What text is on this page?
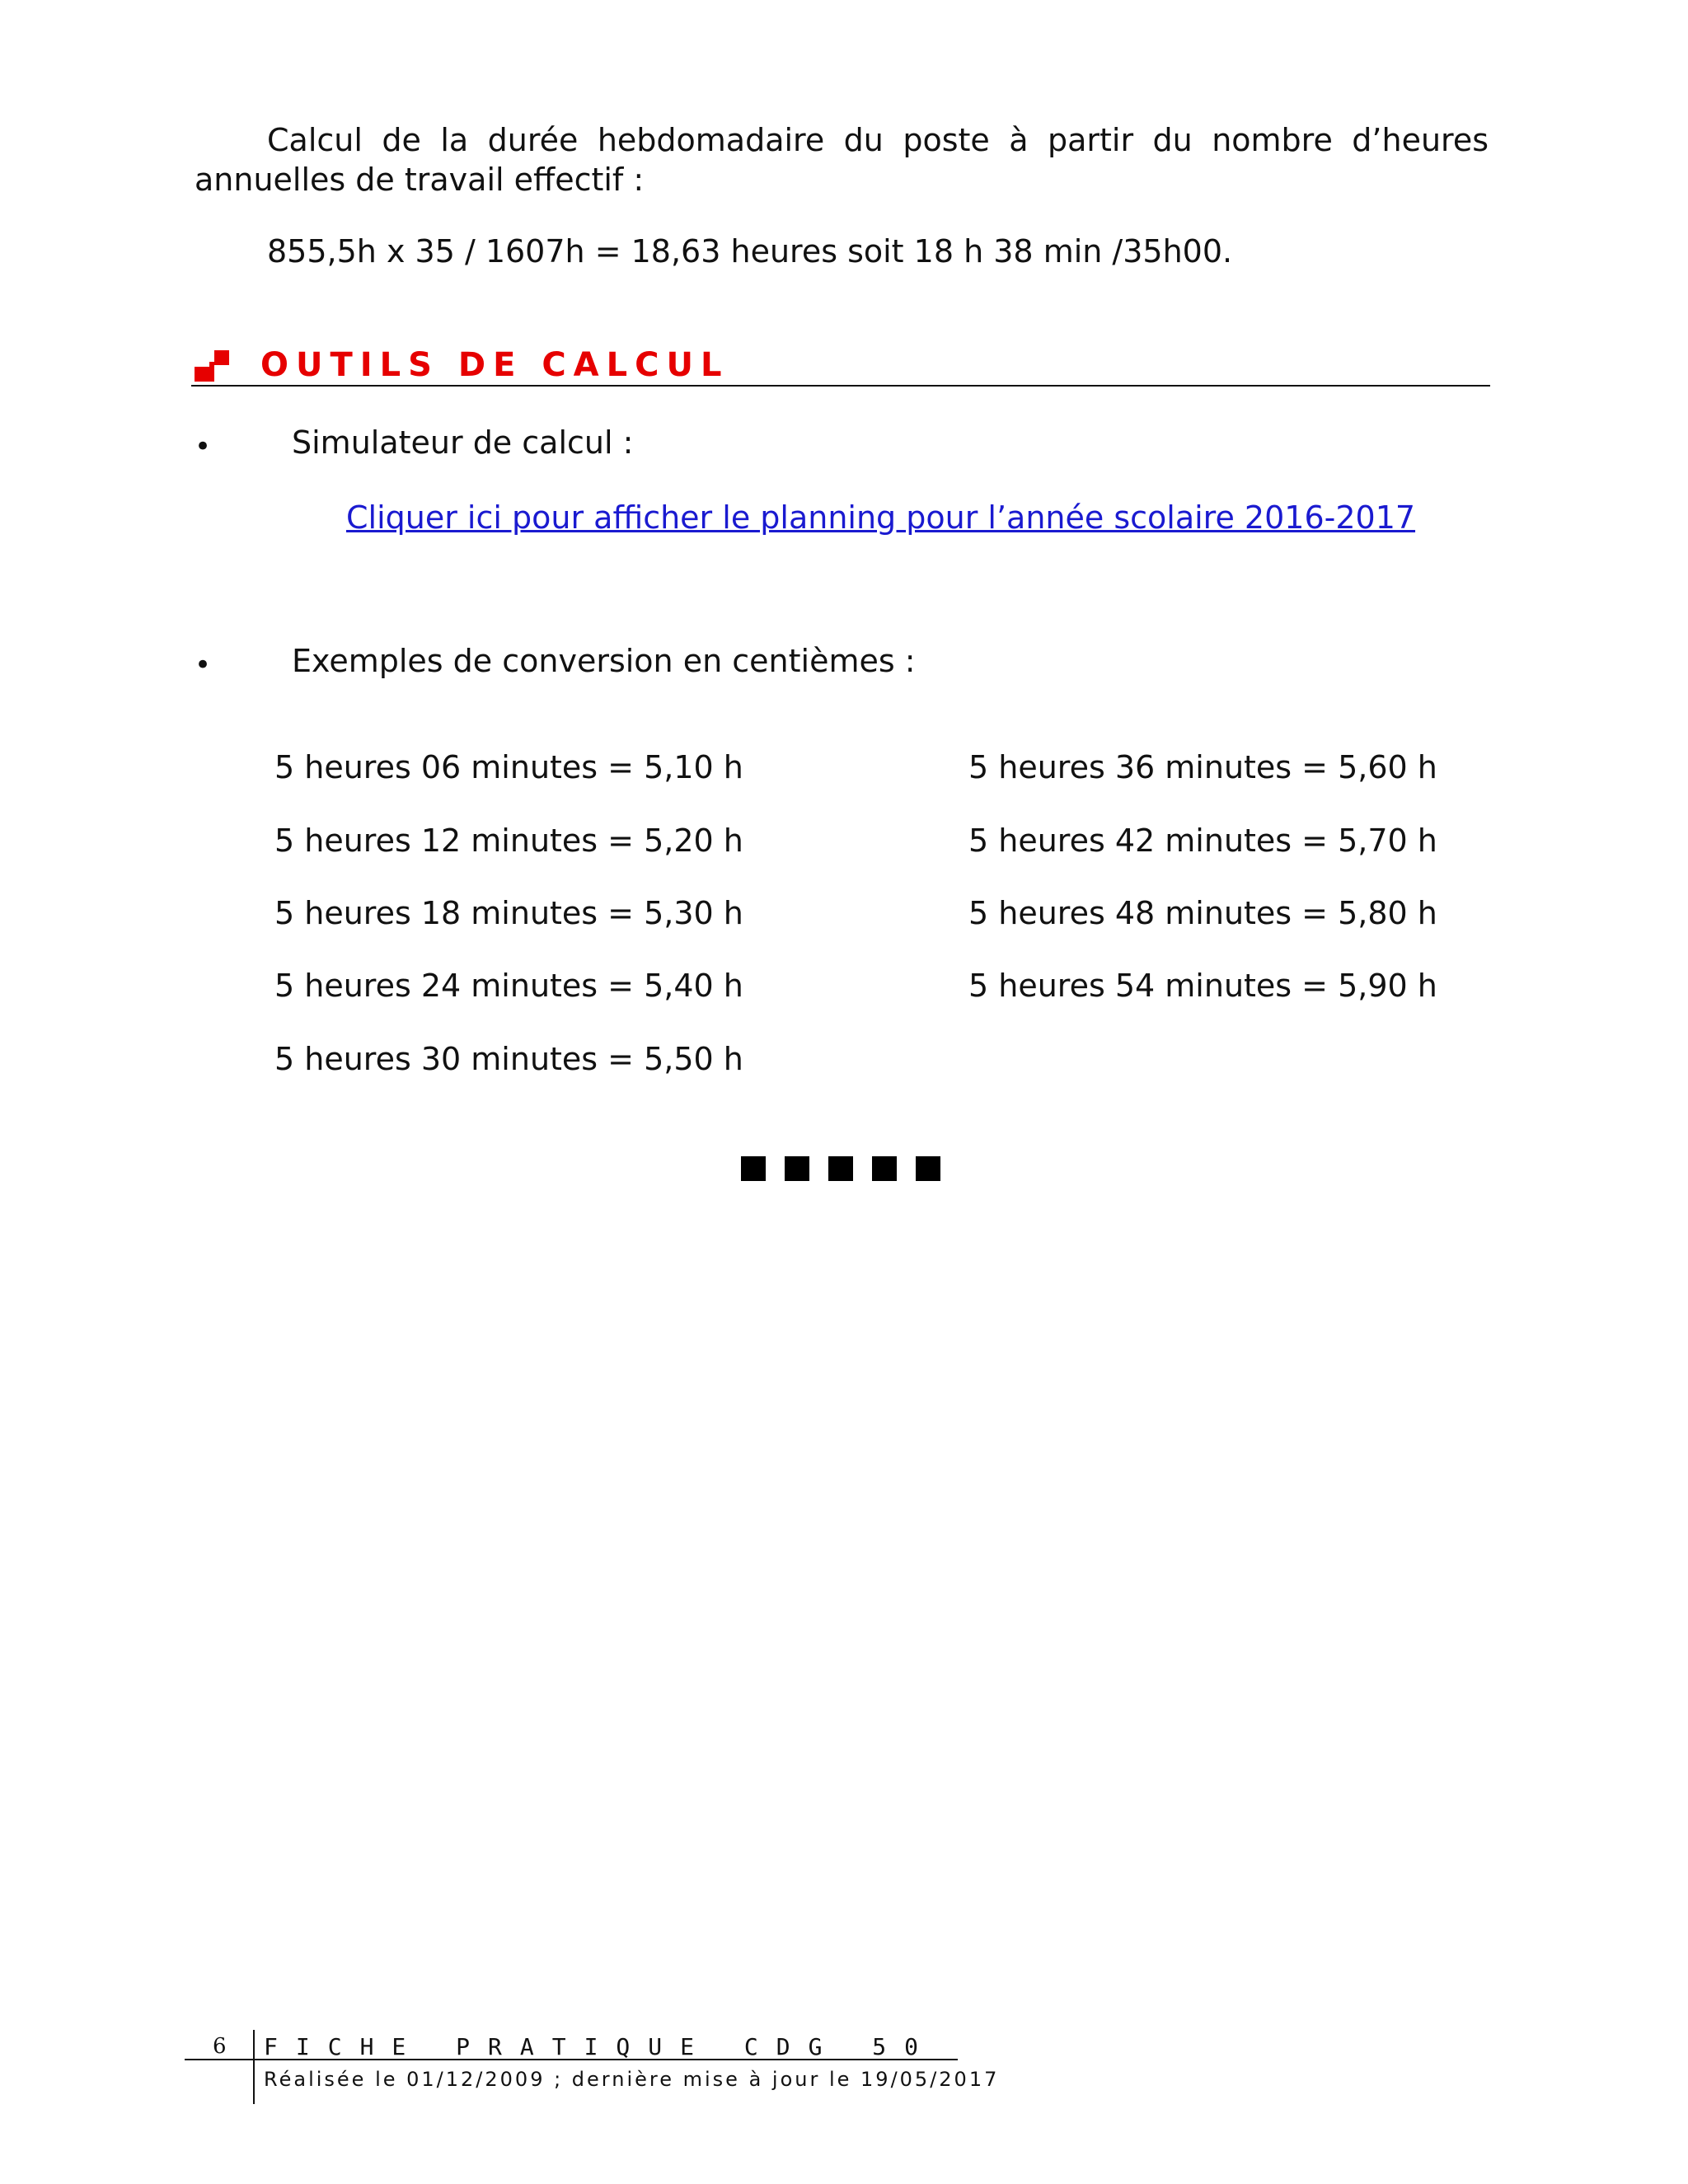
Calcul de la durée hebdomadaire du poste à partir du nombre d’heures annuelles de travail effectif :
855,5h x 35 / 1607h = 18,63 heures soit 18 h 38 min /35h00.
OUTILS DE CALCUL
•	Simulateur de calcul :
Cliquer ici pour afficher le planning pour l’année scolaire 2016-2017
•	Exemples de conversion en centièmes :
5 heures 06 minutes = 5,10 h
5 heures 12 minutes = 5,20 h
5 heures 18 minutes = 5,30 h
5 heures 24 minutes = 5,40 h
5 heures 30 minutes = 5,50 h
5 heures 36 minutes = 5,60 h
5 heures 42 minutes = 5,70 h
5 heures 48 minutes = 5,80 h
5 heures 54 minutes = 5,90 h
6 FICHE PRATIQUE CDG 50
Réalisée le 01/12/2009 ; dernière mise à jour le 19/05/2017
